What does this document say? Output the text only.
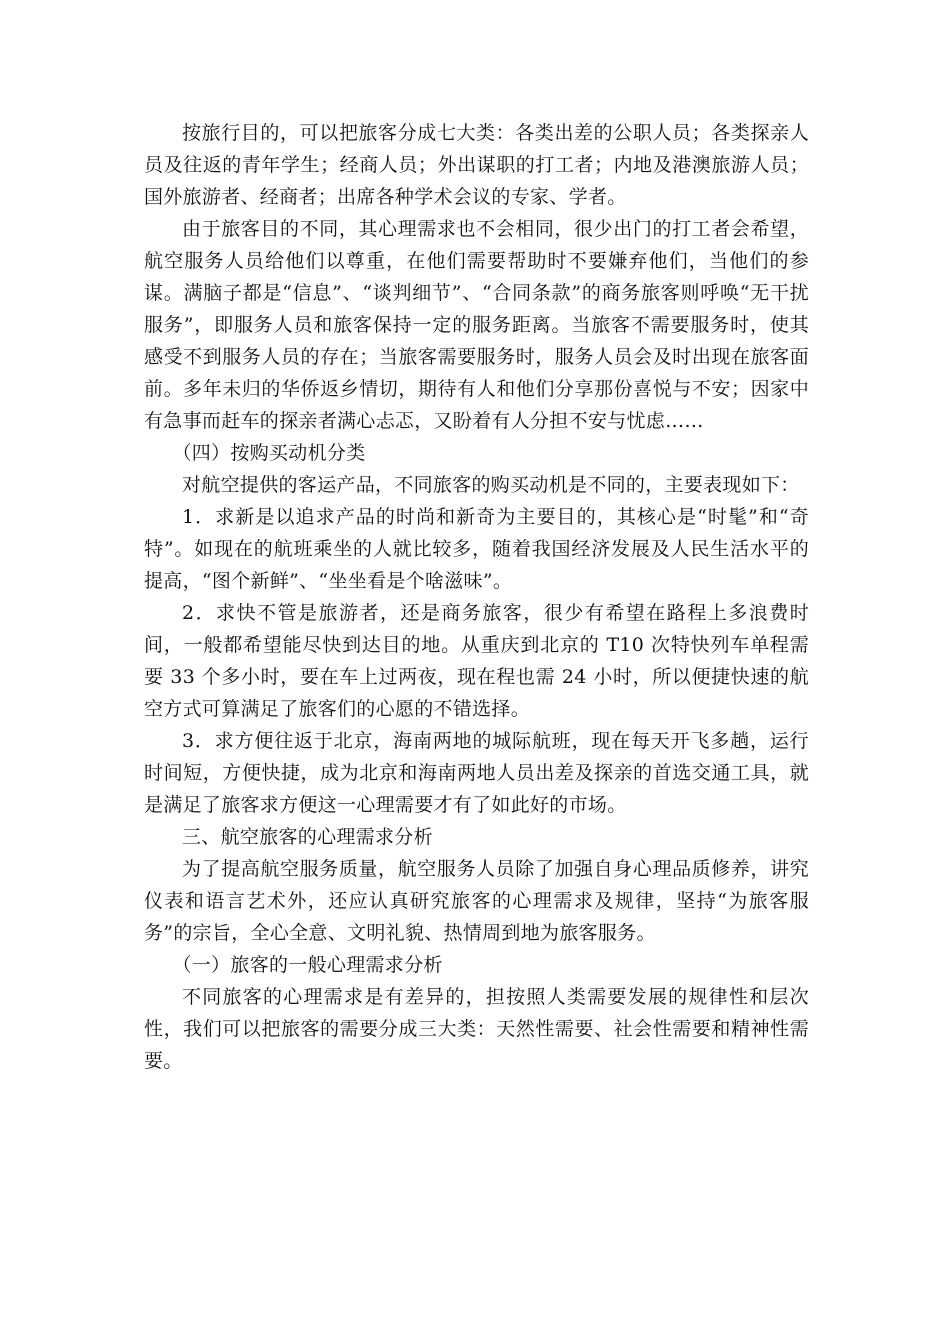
按旅行目的，可以把旅客分成七大类：各类出差的公职人员；各类探亲人员及往返的青年学生；经商人员；外出谋职的打工者；内地及港澳旅游人员；国外旅游者、经商者；出席各种学术会议的专家、学者。

由于旅客目的不同，其心理需求也不会相同，很少出门的打工者会希望，航空服务人员给他们以尊重，在他们需要帮助时不要嫌弃他们，当他们的参谋。满脑子都是“信息”、“谈判细节”、“合同条款”的商务旅客则呼唤“无干扰服务”，即服务人员和旅客保持一定的服务距离。当旅客不需要服务时，使其感受不到服务人员的存在；当旅客需要服务时，服务人员会及时出现在旅客面前。多年未归的华侨返乡情切，期待有人和他们分享那份喜悦与不安；因家中有急事而赶车的探亲者满心忐忑，又盼着有人分担不安与忧虑……

（四）按购买动机分类

对航空提供的客运产品，不同旅客的购买动机是不同的，主要表现如下：

1．求新是以追求产品的时尚和新奇为主要目的，其核心是“时髦”和“奇特”。如现在的航班乘坐的人就比较多，随着我国经济发展及人民生活水平的提高，“图个新鲜”、“坐坐看是个啥滋味”。

2．求快不管是旅游者，还是商务旅客，很少有希望在路程上多浪费时间，一般都希望能尽快到达目的地。从重庆到北京的 T10 次特快列车单程需要 33 个多小时，要在车上过两夜，现在程也需 24 小时，所以便捷快速的航空方式可算满足了旅客们的心愿的不错选择。

3．求方便往返于北京，海南两地的城际航班，现在每天开飞多趟，运行时间短，方便快捷，成为北京和海南两地人员出差及探亲的首选交通工具，就是满足了旅客求方便这一心理需要才有了如此好的市场。

三、航空旅客的心理需求分析

为了提高航空服务质量，航空服务人员除了加强自身心理品质修养，讲究仪表和语言艺术外，还应认真研究旅客的心理需求及规律，坚持“为旅客服务”的宗旨，全心全意、文明礼貌、热情周到地为旅客服务。

（一）旅客的一般心理需求分析

不同旅客的心理需求是有差异的，担按照人类需要发展的规律性和层次性，我们可以把旅客的需要分成三大类：天然性需要、社会性需要和精神性需要。
